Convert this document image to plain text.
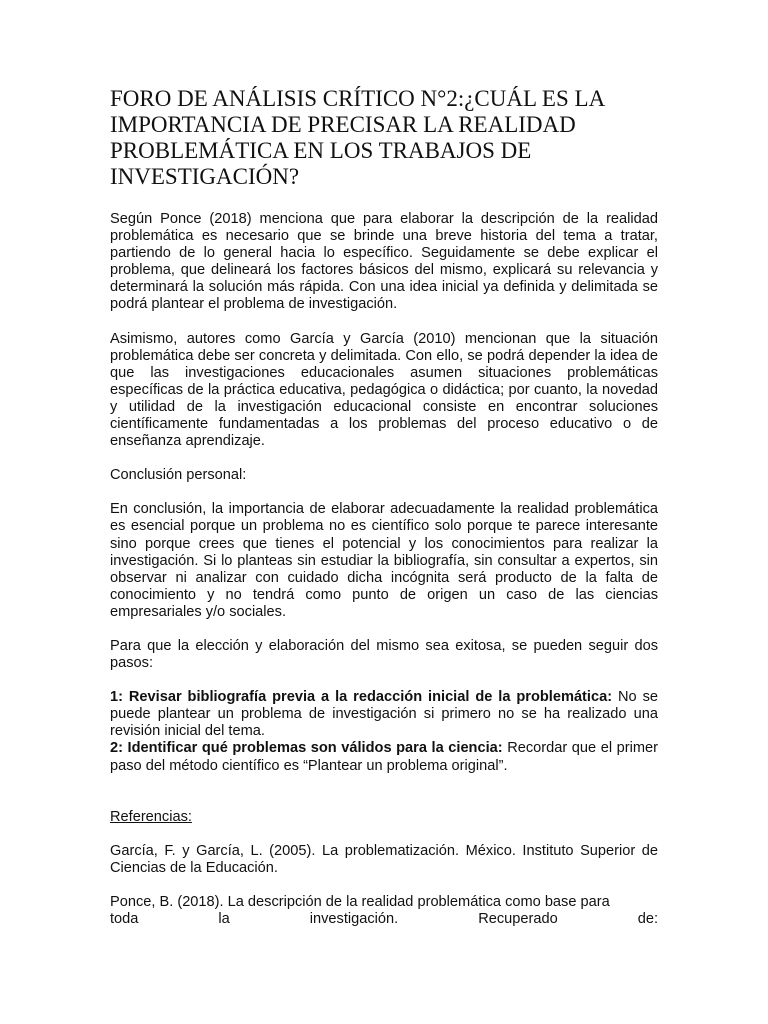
FORO DE ANÁLISIS CRÍTICO N°2:¿CUÁL ES LA IMPORTANCIA DE PRECISAR LA REALIDAD PROBLEMÁTICA EN LOS TRABAJOS DE INVESTIGACIÓN?

Según Ponce (2018) menciona que para elaborar la descripción de la realidad problemática es necesario que se brinde una breve historia del tema a tratar, partiendo de lo general hacia lo específico. Seguidamente se debe explicar el problema, que delineará los factores básicos del mismo, explicará su relevancia y determinará la solución más rápida. Con una idea inicial ya definida y delimitada se podrá plantear el problema de investigación.

Asimismo, autores como García y García (2010) mencionan que la situación problemática debe ser concreta y delimitada. Con ello, se podrá depender la idea de que las investigaciones educacionales asumen situaciones problemáticas específicas de la práctica educativa, pedagógica o didáctica; por cuanto, la novedad y utilidad de la investigación educacional consiste en encontrar soluciones científicamente fundamentadas a los problemas del proceso educativo o de enseñanza aprendizaje.

Conclusión personal:

En conclusión, la importancia de elaborar adecuadamente la realidad problemática es esencial porque un problema no es científico solo porque te parece interesante sino porque crees que tienes el potencial y los conocimientos para realizar la investigación. Si lo planteas sin estudiar la bibliografía, sin consultar a expertos, sin observar ni analizar con cuidado dicha incógnita será producto de la falta de conocimiento y no tendrá como punto de origen un caso de las ciencias empresariales y/o sociales.

Para que la elección y elaboración del mismo sea exitosa, se pueden seguir dos pasos:

1: Revisar bibliografía previa a la redacción inicial de la problemática: No se puede plantear un problema de investigación si primero no se ha realizado una revisión inicial del tema.

2: Identificar qué problemas son válidos para la ciencia: Recordar que el primer paso del método científico es “Plantear un problema original”.

Referencias:

García, F. y García, L. (2005). La problematización. México. Instituto Superior de Ciencias de la Educación.

Ponce, B. (2018). La descripción de la realidad problemática como base para

toda la investigación. Recuperado de:
